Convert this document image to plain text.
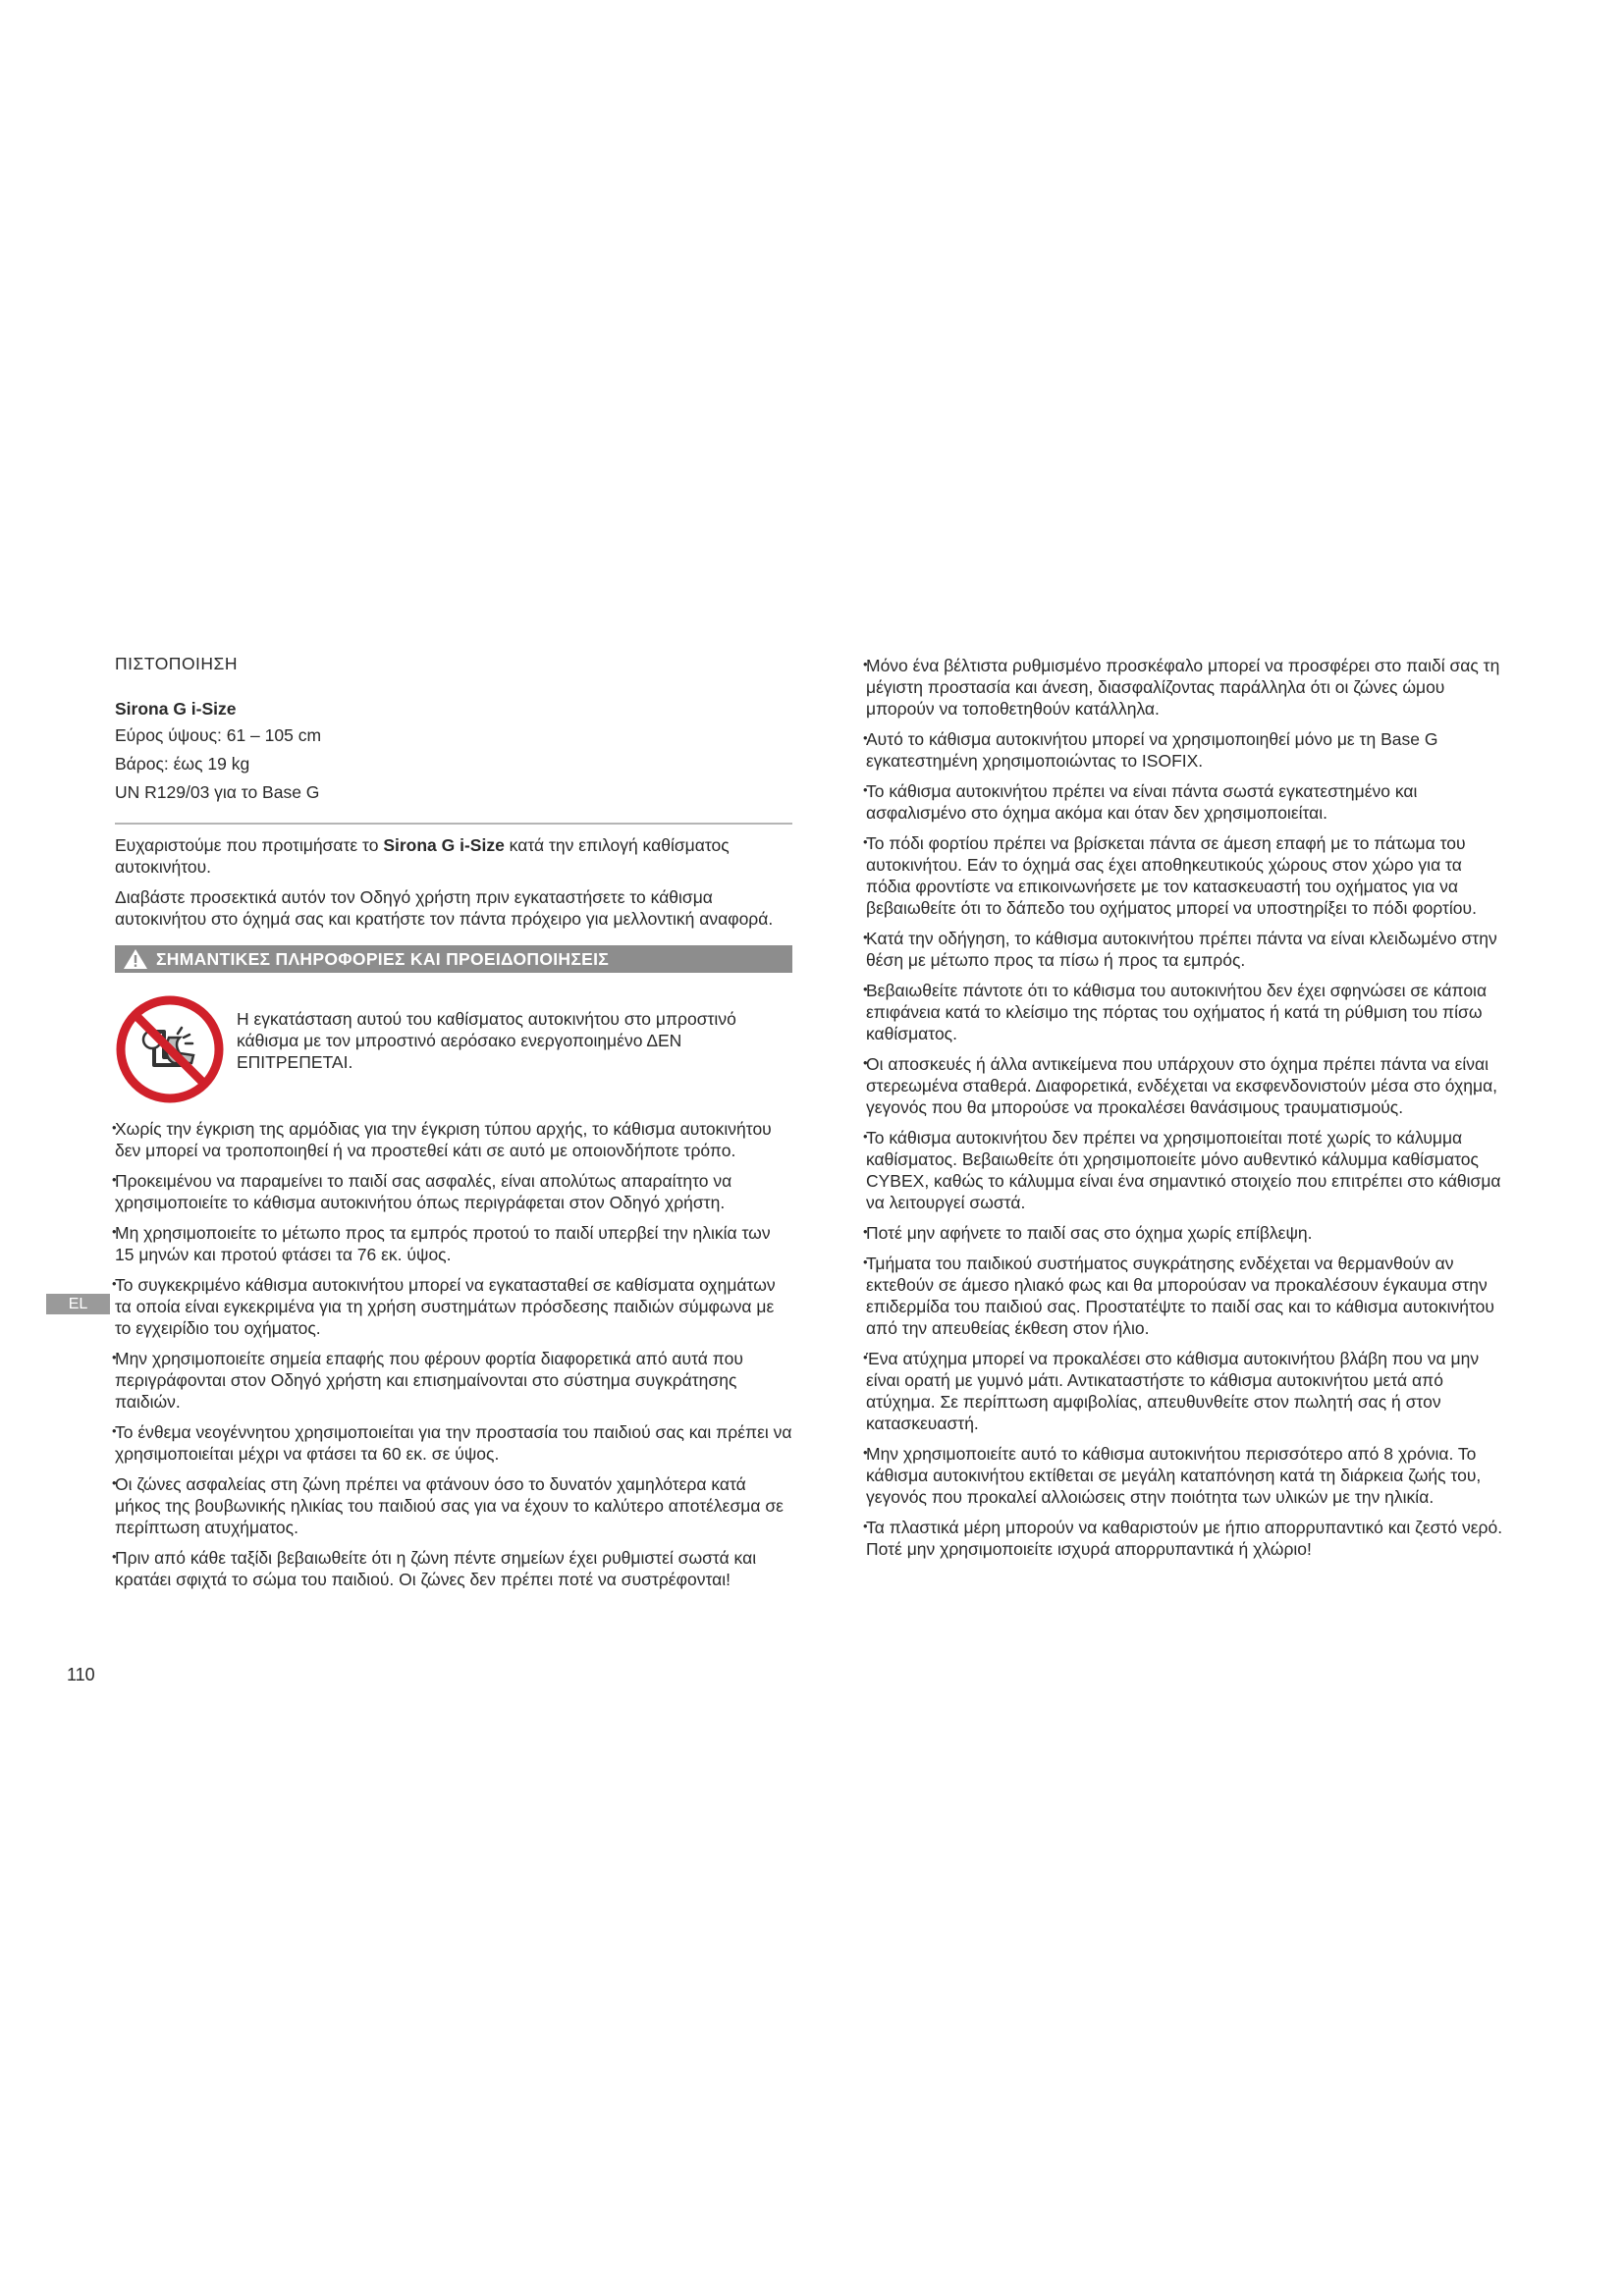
ΠΙΣΤΟΠΟΙΗΣΗ

Sirona G i-Size

Εύρος ύψους: 61 – 105 cm

Βάρος: έως 19 kg

UN R129/03 για το Base G

Ευχαριστούμε που προτιμήσατε το Sirona G i-Size κατά την επιλογή καθίσματος αυτοκινήτου.

Διαβάστε προσεκτικά αυτόν τον Οδηγό χρήστη πριν εγκαταστήσετε το κάθισμα αυτοκινήτου στο όχημά σας και κρατήστε τον πάντα πρόχειρο για μελλοντική αναφορά.

ΣΗΜΑΝΤΙΚΕΣ ΠΛΗΡΟΦΟΡΙΕΣ ΚΑΙ ΠΡΟΕΙΔΟΠΟΙΗΣΕΙΣ
Η εγκατάσταση αυτού του καθίσματος αυτοκινήτου στο μπροστινό κάθισμα με τον μπροστινό αερόσακο ενεργοποιημένο ΔΕΝ ΕΠΙΤΡΕΠΕΤΑΙ.
• Χωρίς την έγκριση της αρμόδιας για την έγκριση τύπου αρχής, το κάθισμα αυτοκινήτου δεν μπορεί να τροποποιηθεί ή να προστεθεί κάτι σε αυτό με οποιονδήποτε τρόπο.
• Προκειμένου να παραμείνει το παιδί σας ασφαλές, είναι απολύτως απαραίτητο να χρησιμοποιείτε το κάθισμα αυτοκινήτου όπως περιγράφεται στον Οδηγό χρήστη.
• Μη χρησιμοποιείτε το μέτωπο προς τα εμπρός προτού το παιδί υπερβεί την ηλικία των 15 μηνών και προτού φτάσει τα 76 εκ. ύψος.
• Το συγκεκριμένο κάθισμα αυτοκινήτου μπορεί να εγκατασταθεί σε καθίσματα οχημάτων τα οποία είναι εγκεκριμένα για τη χρήση συστημάτων πρόσδεσης παιδιών σύμφωνα με το εγχειρίδιο του οχήματος.
• Μην χρησιμοποιείτε σημεία επαφής που φέρουν φορτία διαφορετικά από αυτά που περιγράφονται στον Οδηγό χρήστη και επισημαίνονται στο σύστημα συγκράτησης παιδιών.
• Το ένθεμα νεογέννητου χρησιμοποιείται για την προστασία του παιδιού σας και πρέπει να χρησιμοποιείται μέχρι να φτάσει τα 60 εκ. σε ύψος.
• Οι ζώνες ασφαλείας στη ζώνη πρέπει να φτάνουν όσο το δυνατόν χαμηλότερα κατά μήκος της βουβωνικής ηλικίας του παιδιού σας για να έχουν το καλύτερο αποτέλεσμα σε περίπτωση ατυχήματος.
• Πριν από κάθε ταξίδι βεβαιωθείτε ότι η ζώνη πέντε σημείων έχει ρυθμιστεί σωστά και κρατάει σφιχτά το σώμα του παιδιού. Οι ζώνες δεν πρέπει ποτέ να συστρέφονται!
• Μόνο ένα βέλτιστα ρυθμισμένο προσκέφαλο μπορεί να προσφέρει στο παιδί σας τη μέγιστη προστασία και άνεση, διασφαλίζοντας παράλληλα ότι οι ζώνες ώμου μπορούν να τοποθετηθούν κατάλληλα.
• Αυτό το κάθισμα αυτοκινήτου μπορεί να χρησιμοποιηθεί μόνο με τη Base G εγκατεστημένη χρησιμοποιώντας το ISOFIX.
• Το κάθισμα αυτοκινήτου πρέπει να είναι πάντα σωστά εγκατεστημένο και ασφαλισμένο στο όχημα ακόμα και όταν δεν χρησιμοποιείται.
• Το πόδι φορτίου πρέπει να βρίσκεται πάντα σε άμεση επαφή με το πάτωμα του αυτοκινήτου. Εάν το όχημά σας έχει αποθηκευτικούς χώρους στον χώρο για τα πόδια φροντίστε να επικοινωνήσετε με τον κατασκευαστή του οχήματος για να βεβαιωθείτε ότι το δάπεδο του οχήματος μπορεί να υποστηρίξει το πόδι φορτίου.
• Κατά την οδήγηση, το κάθισμα αυτοκινήτου πρέπει πάντα να είναι κλειδωμένο στην θέση με μέτωπο προς τα πίσω ή προς τα εμπρός.
• Βεβαιωθείτε πάντοτε ότι το κάθισμα του αυτοκινήτου δεν έχει σφηνώσει σε κάποια επιφάνεια κατά το κλείσιμο της πόρτας του οχήματος ή κατά τη ρύθμιση του πίσω καθίσματος.
• Οι αποσκευές ή άλλα αντικείμενα που υπάρχουν στο όχημα πρέπει πάντα να είναι στερεωμένα σταθερά. Διαφορετικά, ενδέχεται να εκσφενδονιστούν μέσα στο όχημα, γεγονός που θα μπορούσε να προκαλέσει θανάσιμους τραυματισμούς.
• Το κάθισμα αυτοκινήτου δεν πρέπει να χρησιμοποιείται ποτέ χωρίς το κάλυμμα καθίσματος. Βεβαιωθείτε ότι χρησιμοποιείτε μόνο αυθεντικό κάλυμμα καθίσματος CYBEX, καθώς το κάλυμμα είναι ένα σημαντικό στοιχείο που επιτρέπει στο κάθισμα να λειτουργεί σωστά.
• Ποτέ μην αφήνετε το παιδί σας στο όχημα χωρίς επίβλεψη.
• Τμήματα του παιδικού συστήματος συγκράτησης ενδέχεται να θερμανθούν αν εκτεθούν σε άμεσο ηλιακό φως και θα μπορούσαν να προκαλέσουν έγκαυμα στην επιδερμίδα του παιδιού σας. Προστατέψτε το παιδί σας και το κάθισμα αυτοκινήτου από την απευθείας έκθεση στον ήλιο.
• Ένα ατύχημα μπορεί να προκαλέσει στο κάθισμα αυτοκινήτου βλάβη που να μην είναι ορατή με γυμνό μάτι. Αντικαταστήστε το κάθισμα αυτοκινήτου μετά από ατύχημα. Σε περίπτωση αμφιβολίας, απευθυνθείτε στον πωλητή σας ή στον κατασκευαστή.
• Μην χρησιμοποιείτε αυτό το κάθισμα αυτοκινήτου περισσότερο από 8 χρόνια. Το κάθισμα αυτοκινήτου εκτίθεται σε μεγάλη καταπόνηση κατά τη διάρκεια ζωής του, γεγονός που προκαλεί αλλοιώσεις στην ποιότητα των υλικών με την ηλικία.
• Τα πλαστικά μέρη μπορούν να καθαριστούν με ήπιο απορρυπαντικό και ζεστό νερό. Ποτέ μην χρησιμοποιείτε ισχυρά απορρυπαντικά ή χλώριο!
EL
110
